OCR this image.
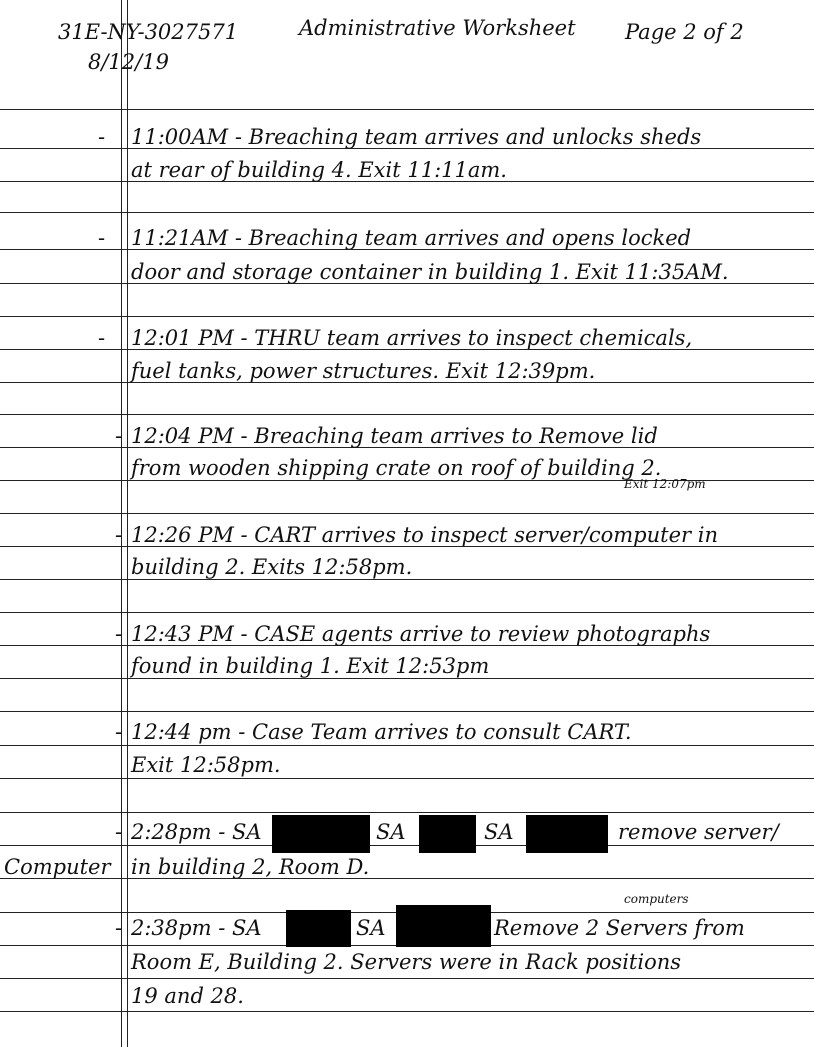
31E-NY-3027571
8/12/19
Administrative Worksheet Page 2 of 2
- 11:00AM - Breaching team arrives and unlocks sheds
at rear of building 4. Exit 11:11am.
- 11:21AM - Breaching team arrives and opens locked
door and storage container in building 1. Exit 11:35AM.
- 12:01 PM - THRU team arrives to inspect chemicals,
fuel tanks, power structures. Exit 12:39pm.
- 12:04 PM - Breaching team arrives to Remove lid
from wooden shipping crate on roof of building 2.
Exit 12:07pm
- 12:26 PM - CART arrives to inspect server/computer in
building 2. Exits 12:58pm.
- 12:43 PM - CASE agents arrive to review photographs
found in building 1. Exit 12:53pm
- 12:44 pm - Case Team arrives to consult CART.
Exit 12:58pm.
- 2:28pm - SA	SA	SA	remove server/
Computer in building 2, Room D.
computers
- 2:38pm - SA	SA	Remove 2 Servers from
Room E, Building 2. Servers were in Rack positions
19 and 28.
